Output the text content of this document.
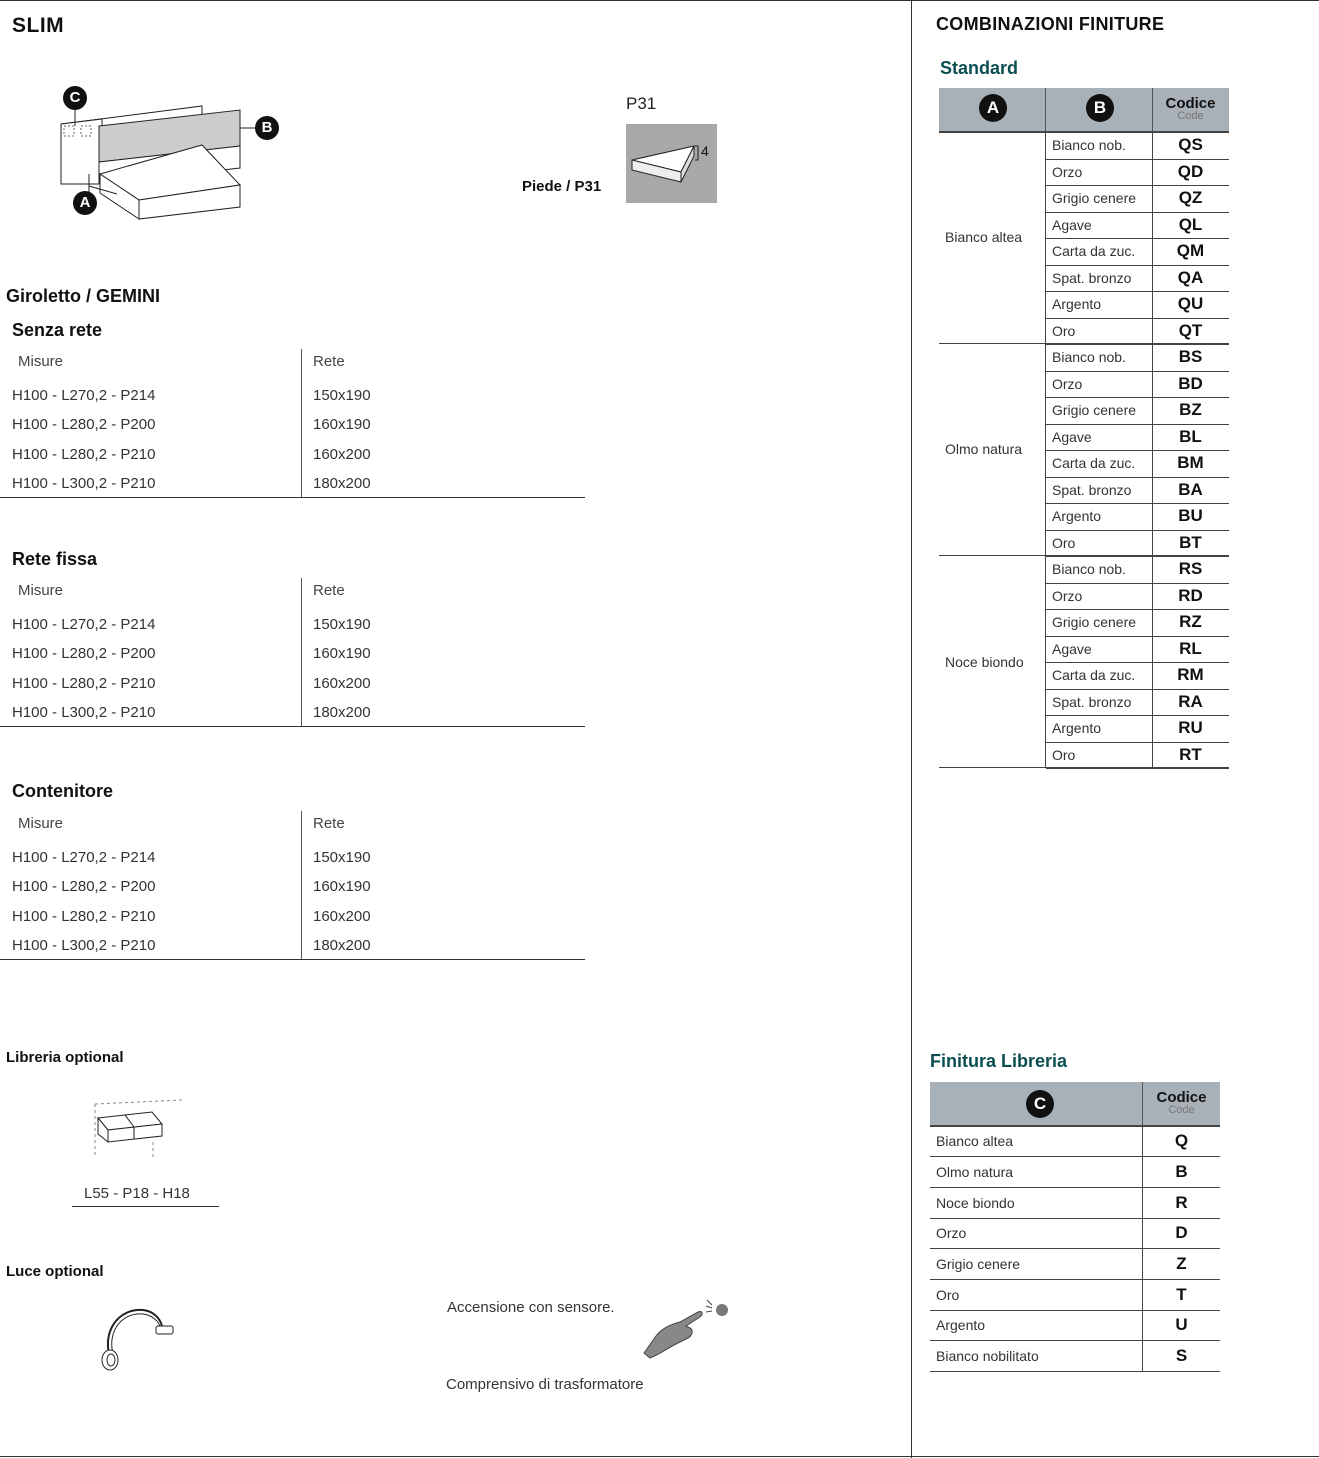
SLIM
C
B
A
P31
4
Piede / P31
Giroletto / GEMINI
Senza rete
Misure	Rete
H100 - L270,2 - P214	150x190
H100 - L280,2 - P200	160x190
H100 - L280,2 - P210	160x200
H100 - L300,2 - P210	180x200
Rete fissa
Misure	Rete
H100 - L270,2 - P214	150x190
H100 - L280,2 - P200	160x190
H100 - L280,2 - P210	160x200
H100 - L300,2 - P210	180x200
Contenitore
Misure	Rete
H100 - L270,2 - P214	150x190
H100 - L280,2 - P200	160x190
H100 - L280,2 - P210	160x200
H100 - L300,2 - P210	180x200
Libreria optional
L55 - P18 - H18
Luce optional
Accensione con sensore.
Comprensivo di trasformatore
COMBINAZIONI FINITURE
Standard
A	B	Codice
Code
Bianco altea
Bianco nob.	QS
Orzo	QD
Grigio cenere	QZ
Agave	QL
Carta da zuc.	QM
Spat. bronzo	QA
Argento	QU
Oro	QT
Olmo natura
Bianco nob.	BS
Orzo	BD
Grigio cenere	BZ
Agave	BL
Carta da zuc.	BM
Spat. bronzo	BA
Argento	BU
Oro	BT
Noce biondo
Bianco nob.	RS
Orzo	RD
Grigio cenere	RZ
Agave	RL
Carta da zuc.	RM
Spat. bronzo	RA
Argento	RU
Oro	RT
Finitura Libreria
C	Codice
Code
Bianco altea	Q
Olmo natura	B
Noce biondo	R
Orzo	D
Grigio cenere	Z
Oro	T
Argento	U
Bianco nobilitato	S
